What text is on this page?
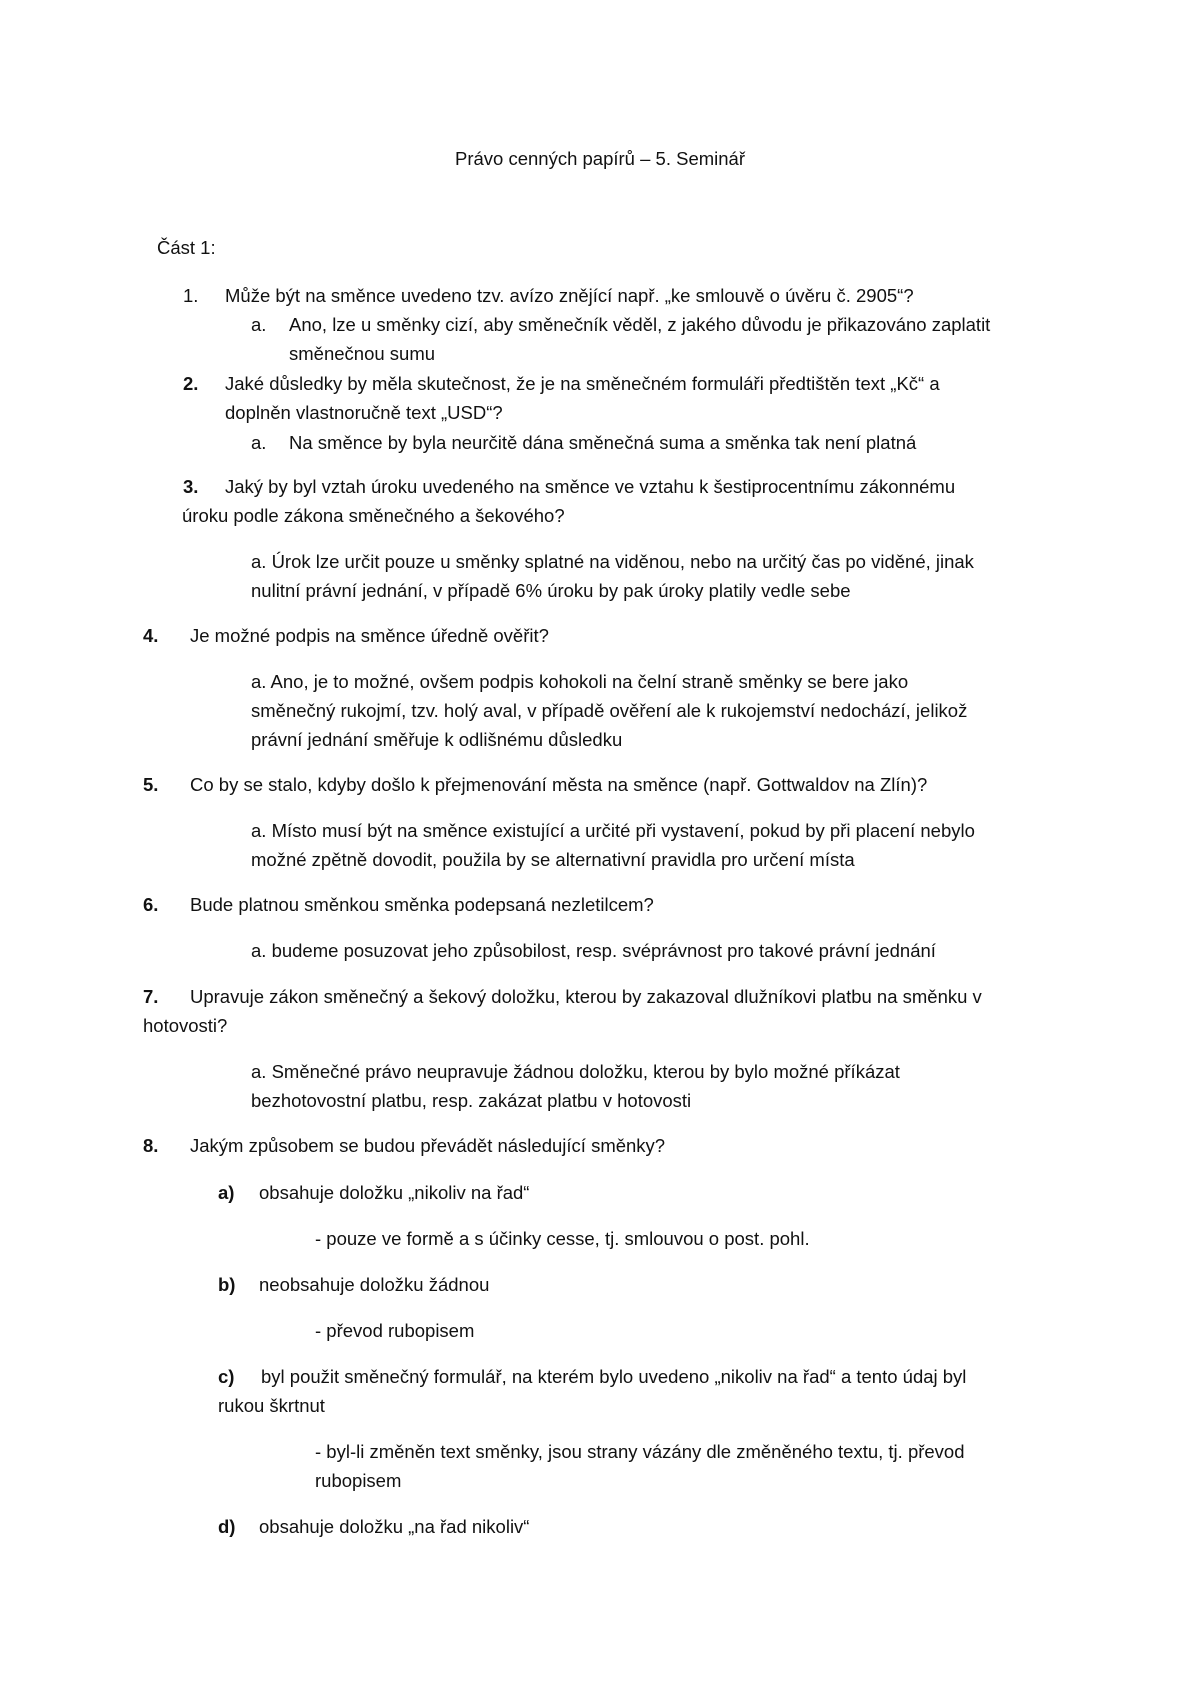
Právo cenných papírů – 5. Seminář
Část 1:
1. Může být na směnce uvedeno tzv. avízo znějící např. „ke smlouvě o úvěru č. 2905“?
a. Ano, lze u směnky cizí, aby směnečník věděl, z jakého důvodu je přikazováno zaplatit
směnečnou sumu
2. Jaké důsledky by měla skutečnost, že je na směnečném formuláři předtištěn text „Kč“ a
doplněn vlastnoručně text „USD“?
a. Na směnce by byla neurčitě dána směnečná suma a směnka tak není platná
3. Jaký by byl vztah úroku uvedeného na směnce ve vztahu k šestiprocentnímu zákonnému
úroku podle zákona směnečného a šekového?
a. Úrok lze určit pouze u směnky splatné na viděnou, nebo na určitý čas po viděné, jinak
nulitní právní jednání, v případě 6% úroku by pak úroky platily vedle sebe
4. Je možné podpis na směnce úředně ověřit?
a. Ano, je to možné, ovšem podpis kohokoli na čelní straně směnky se bere jako
směnečný rukojmí, tzv. holý aval, v případě ověření ale k rukojemství nedochází, jelikož
právní jednání směřuje k odlišnému důsledku
5. Co by se stalo, kdyby došlo k přejmenování města na směnce (např. Gottwaldov na Zlín)?
a. Místo musí být na směnce existující a určité při vystavení, pokud by při placení nebylo
možné zpětně dovodit, použila by se alternativní pravidla pro určení místa
6. Bude platnou směnkou směnka podepsaná nezletilcem?
a. budeme posuzovat jeho způsobilost, resp. svéprávnost pro takové právní jednání
7. Upravuje zákon směnečný a šekový doložku, kterou by zakazoval dlužníkovi platbu na směnku v
hotovosti?
a. Směnečné právo neupravuje žádnou doložku, kterou by bylo možné příkázat
bezhotovostní platbu, resp. zakázat platbu v hotovosti
8. Jakým způsobem se budou převádět následující směnky?
a) obsahuje doložku „nikoliv na řad“
- pouze ve formě a s účinky cesse, tj. smlouvou o post. pohl.
b) neobsahuje doložku žádnou
- převod rubopisem
c) byl použit směnečný formulář, na kterém bylo uvedeno „nikoliv na řad“ a tento údaj byl
rukou škrtnut
- byl-li změněn text směnky, jsou strany vázány dle změněného textu, tj. převod
rubopisem
d) obsahuje doložku „na řad nikoliv“
